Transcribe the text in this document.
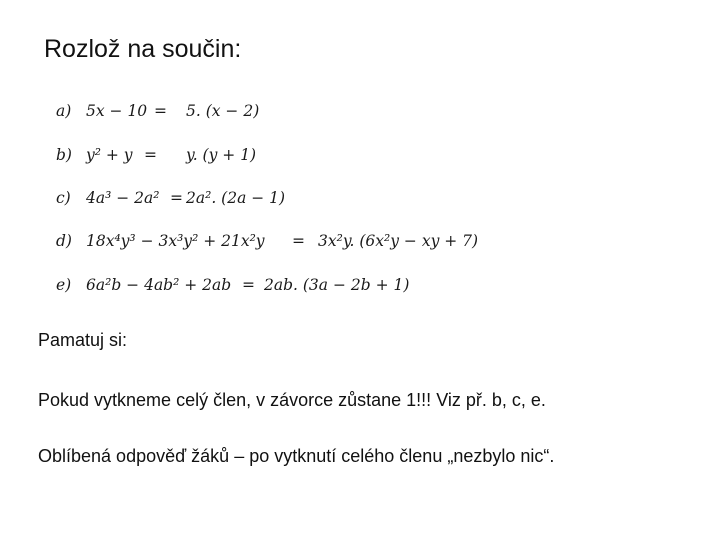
Rozlož na součin:
a) 5x − 10 = 5. (x − 2)
b) y² + y = y. (y + 1)
c) 4a³ − 2a² = 2a². (2a − 1)
d) 18x⁴y³ − 3x³y² + 21x²y = 3x²y. (6x²y − xy + 7)
e) 6a²b − 4ab² + 2ab = 2ab. (3a − 2b + 1)

Pamatuj si:

Pokud vytkneme celý člen, v závorce zůstane 1!!! Viz př. b, c, e.

Oblíbená odpověď žáků – po vytknutí celého členu „nezbylo nic“.
